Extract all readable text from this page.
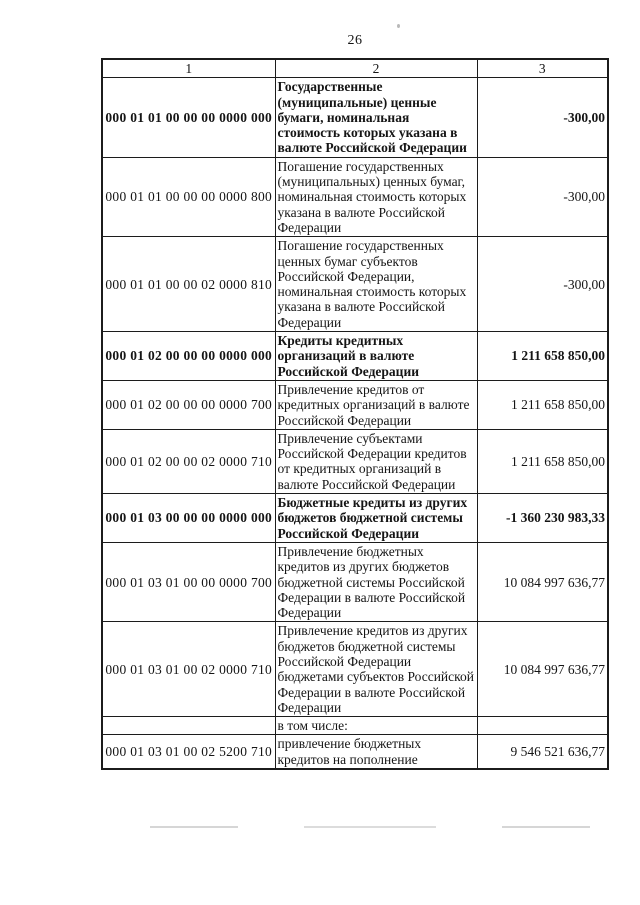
26
1	2	3
000 01 01 00 00 00 0000 000	Государственные (муниципальные) ценные бумаги, номинальная стоимость которых указана в валюте Российской Федерации	-300,00
000 01 01 00 00 00 0000 800	Погашение государственных (муниципальных) ценных бумаг, номинальная стоимость которых указана в валюте Российской Федерации	-300,00
000 01 01 00 00 02 0000 810	Погашение государственных ценных бумаг субъектов Российской Федерации, номинальная стоимость которых указана в валюте Российской Федерации	-300,00
000 01 02 00 00 00 0000 000	Кредиты кредитных организаций в валюте Российской Федерации	1 211 658 850,00
000 01 02 00 00 00 0000 700	Привлечение кредитов от кредитных организаций в валюте Российской Федерации	1 211 658 850,00
000 01 02 00 00 02 0000 710	Привлечение субъектами Российской Федерации кредитов от кредитных организаций в валюте Российской Федерации	1 211 658 850,00
000 01 03 00 00 00 0000 000	Бюджетные кредиты из других бюджетов бюджетной системы Российской Федерации	-1 360 230 983,33
000 01 03 01 00 00 0000 700	Привлечение бюджетных кредитов из других бюджетов бюджетной системы Российской Федерации в валюте Российской Федерации	10 084 997 636,77
000 01 03 01 00 02 0000 710	Привлечение кредитов из других бюджетов бюджетной системы Российской Федерации бюджетами субъектов Российской Федерации в валюте Российской Федерации	10 084 997 636,77
	в том числе:	
000 01 03 01 00 02 5200 710	привлечение бюджетных кредитов на пополнение	9 546 521 636,77
